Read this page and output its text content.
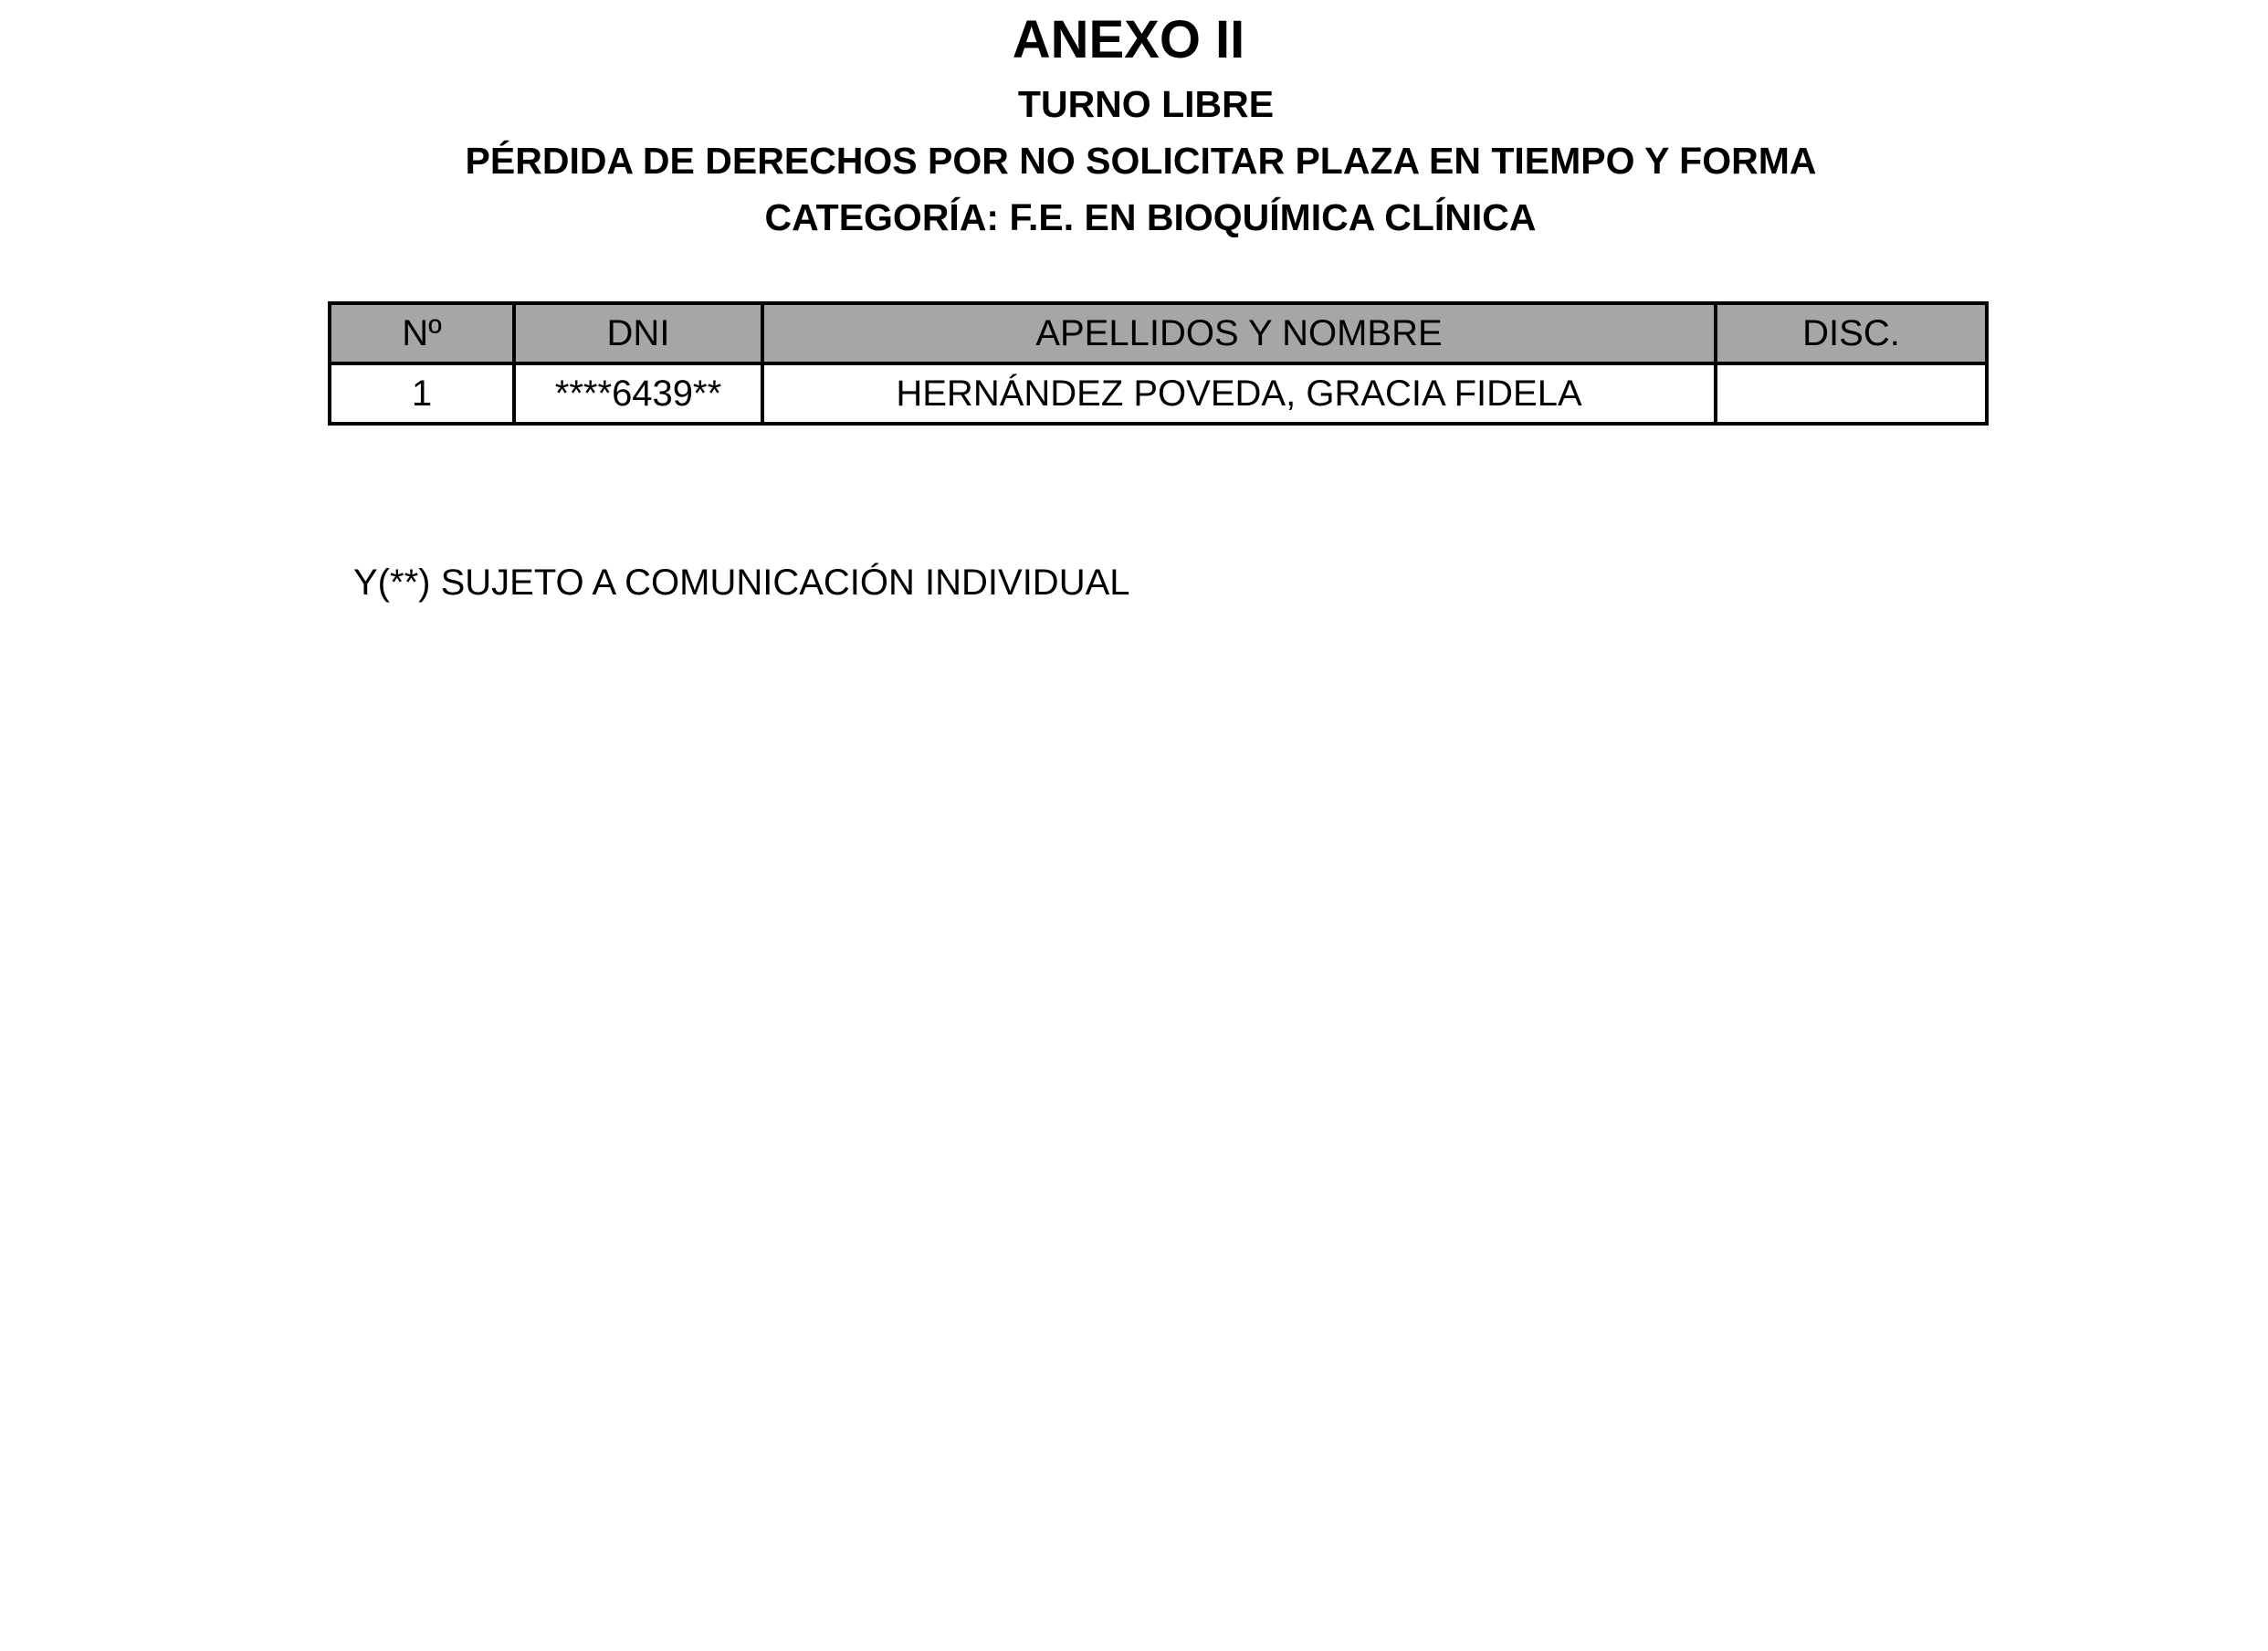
ANEXO II
TURNO LIBRE
PÉRDIDA DE DERECHOS POR NO SOLICITAR PLAZA EN TIEMPO Y FORMA
CATEGORÍA: F.E. EN BIOQUÍMICA CLÍNICA
Nº	DNI	APELLIDOS Y NOMBRE	DISC.
1	****6439**	HERNÁNDEZ POVEDA, GRACIA FIDELA	

Y(**) SUJETO A COMUNICACIÓN INDIVIDUAL
